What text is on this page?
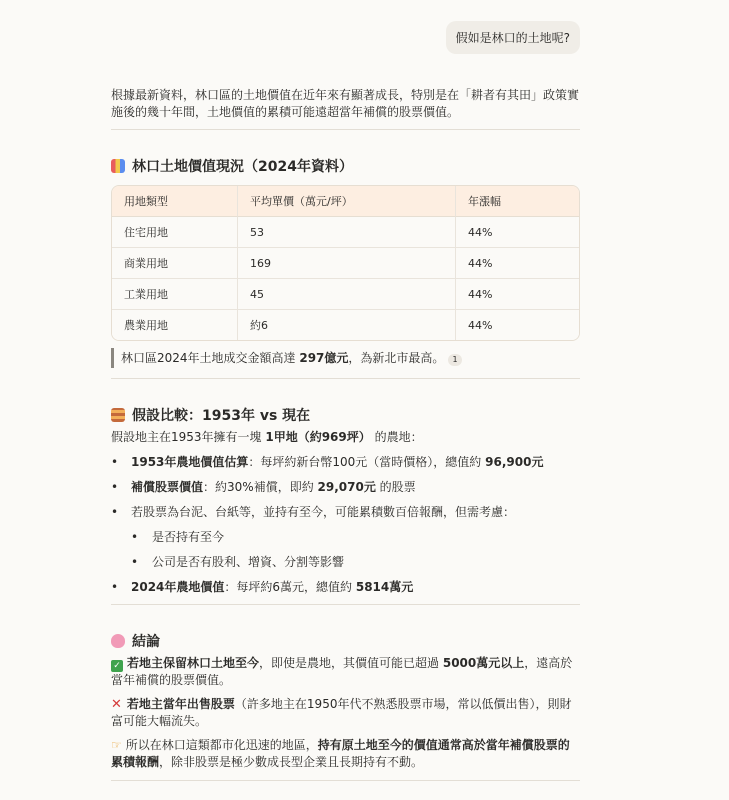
假如是林口的土地呢?

根據最新資料，林口區的土地價值在近年來有顯著成長，特別是在「耕者有其田」政策實施後的幾十年間，土地價值的累積可能遠超當年補償的股票價值。

林口土地價值現況（2024年資料）
用地類型	平均單價（萬元/坪）	年漲幅
住宅用地	53	44%
商業用地	169	44%
工業用地	45	44%
農業用地	約6	44%
林口區2024年土地成交金額高達 297億元，為新北市最高。 1
假設比較：1953年 vs 現在

假設地主在1953年擁有一塊 1甲地（約969坪） 的農地：

• 1953年農地價值估算：每坪約新台幣100元（當時價格），總值約 96,900元
• 補償股票價值：約30%補償，即約 29,070元 的股票
• 若股票為台泥、台紙等，並持有至今，可能累積數百倍報酬，但需考慮：
• 是否持有至今
• 公司是否有股利、增資、分割等影響
• 2024年農地價值：每坪約6萬元，總值約 5814萬元
結論

✓ 若地主保留林口土地至今，即使是農地，其價值可能已超過 5000萬元以上，遠高於當年補償的股票價值。

✕ 若地主當年出售股票（許多地主在1950年代不熟悉股票市場，常以低價出售），則財富可能大幅流失。

☞ 所以在林口這類都市化迅速的地區，持有原土地至今的價值通常高於當年補償股票的累積報酬，除非股票是極少數成長型企業且長期持有不動。
